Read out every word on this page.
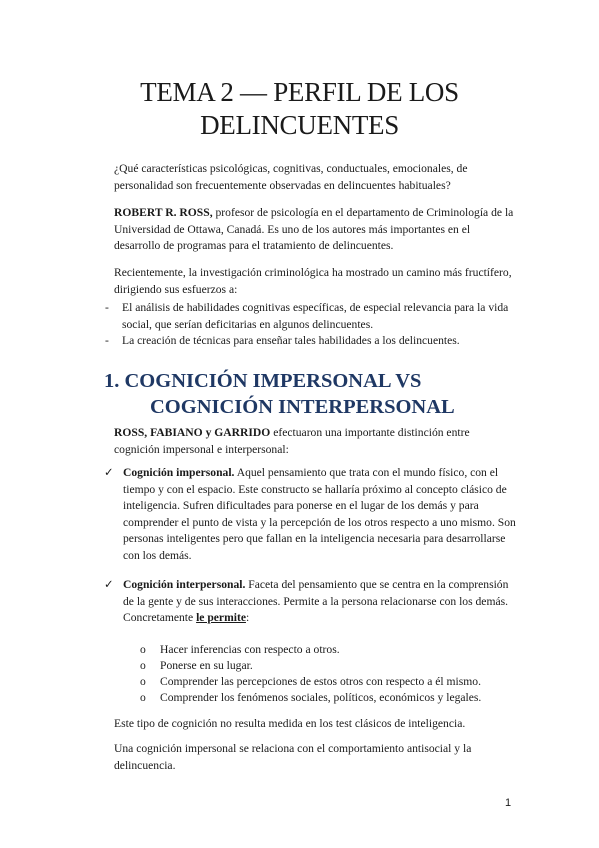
TEMA 2 — PERFIL DE LOS
DELINCUENTES

¿Qué características psicológicas, cognitivas, conductuales, emocionales, de personalidad son frecuentemente observadas en delincuentes habituales?

ROBERT R. ROSS, profesor de psicología en el departamento de Criminología de la Universidad de Ottawa, Canadá. Es uno de los autores más importantes en el desarrollo de programas para el tratamiento de delincuentes.

Recientemente, la investigación criminológica ha mostrado un camino más fructífero, dirigiendo sus esfuerzos a:

- El análisis de habilidades cognitivas específicas, de especial relevancia para la vida social, que serían deficitarias en algunos delincuentes.
- La creación de técnicas para enseñar tales habilidades a los delincuentes.
1. COGNICIÓN IMPERSONAL VS
COGNICIÓN INTERPERSONAL

ROSS, FABIANO y GARRIDO efectuaron una importante distinción entre cognición impersonal e interpersonal:

✓ Cognición impersonal. Aquel pensamiento que trata con el mundo físico, con el tiempo y con el espacio. Este constructo se hallaría próximo al concepto clásico de inteligencia. Sufren dificultades para ponerse en el lugar de los demás y para comprender el punto de vista y la percepción de los otros respecto a uno mismo. Son personas inteligentes pero que fallan en la inteligencia necesaria para desarrollarse con los demás.
✓ Cognición interpersonal. Faceta del pensamiento que se centra en la comprensión de la gente y de sus interacciones. Permite a la persona relacionarse con los demás. Concretamente le permite:
o Hacer inferencias con respecto a otros.
o Ponerse en su lugar.
o Comprender las percepciones de estos otros con respecto a él mismo.
o Comprender los fenómenos sociales, políticos, económicos y legales.

Este tipo de cognición no resulta medida en los test clásicos de inteligencia.

Una cognición impersonal se relaciona con el comportamiento antisocial y la delincuencia.

1
